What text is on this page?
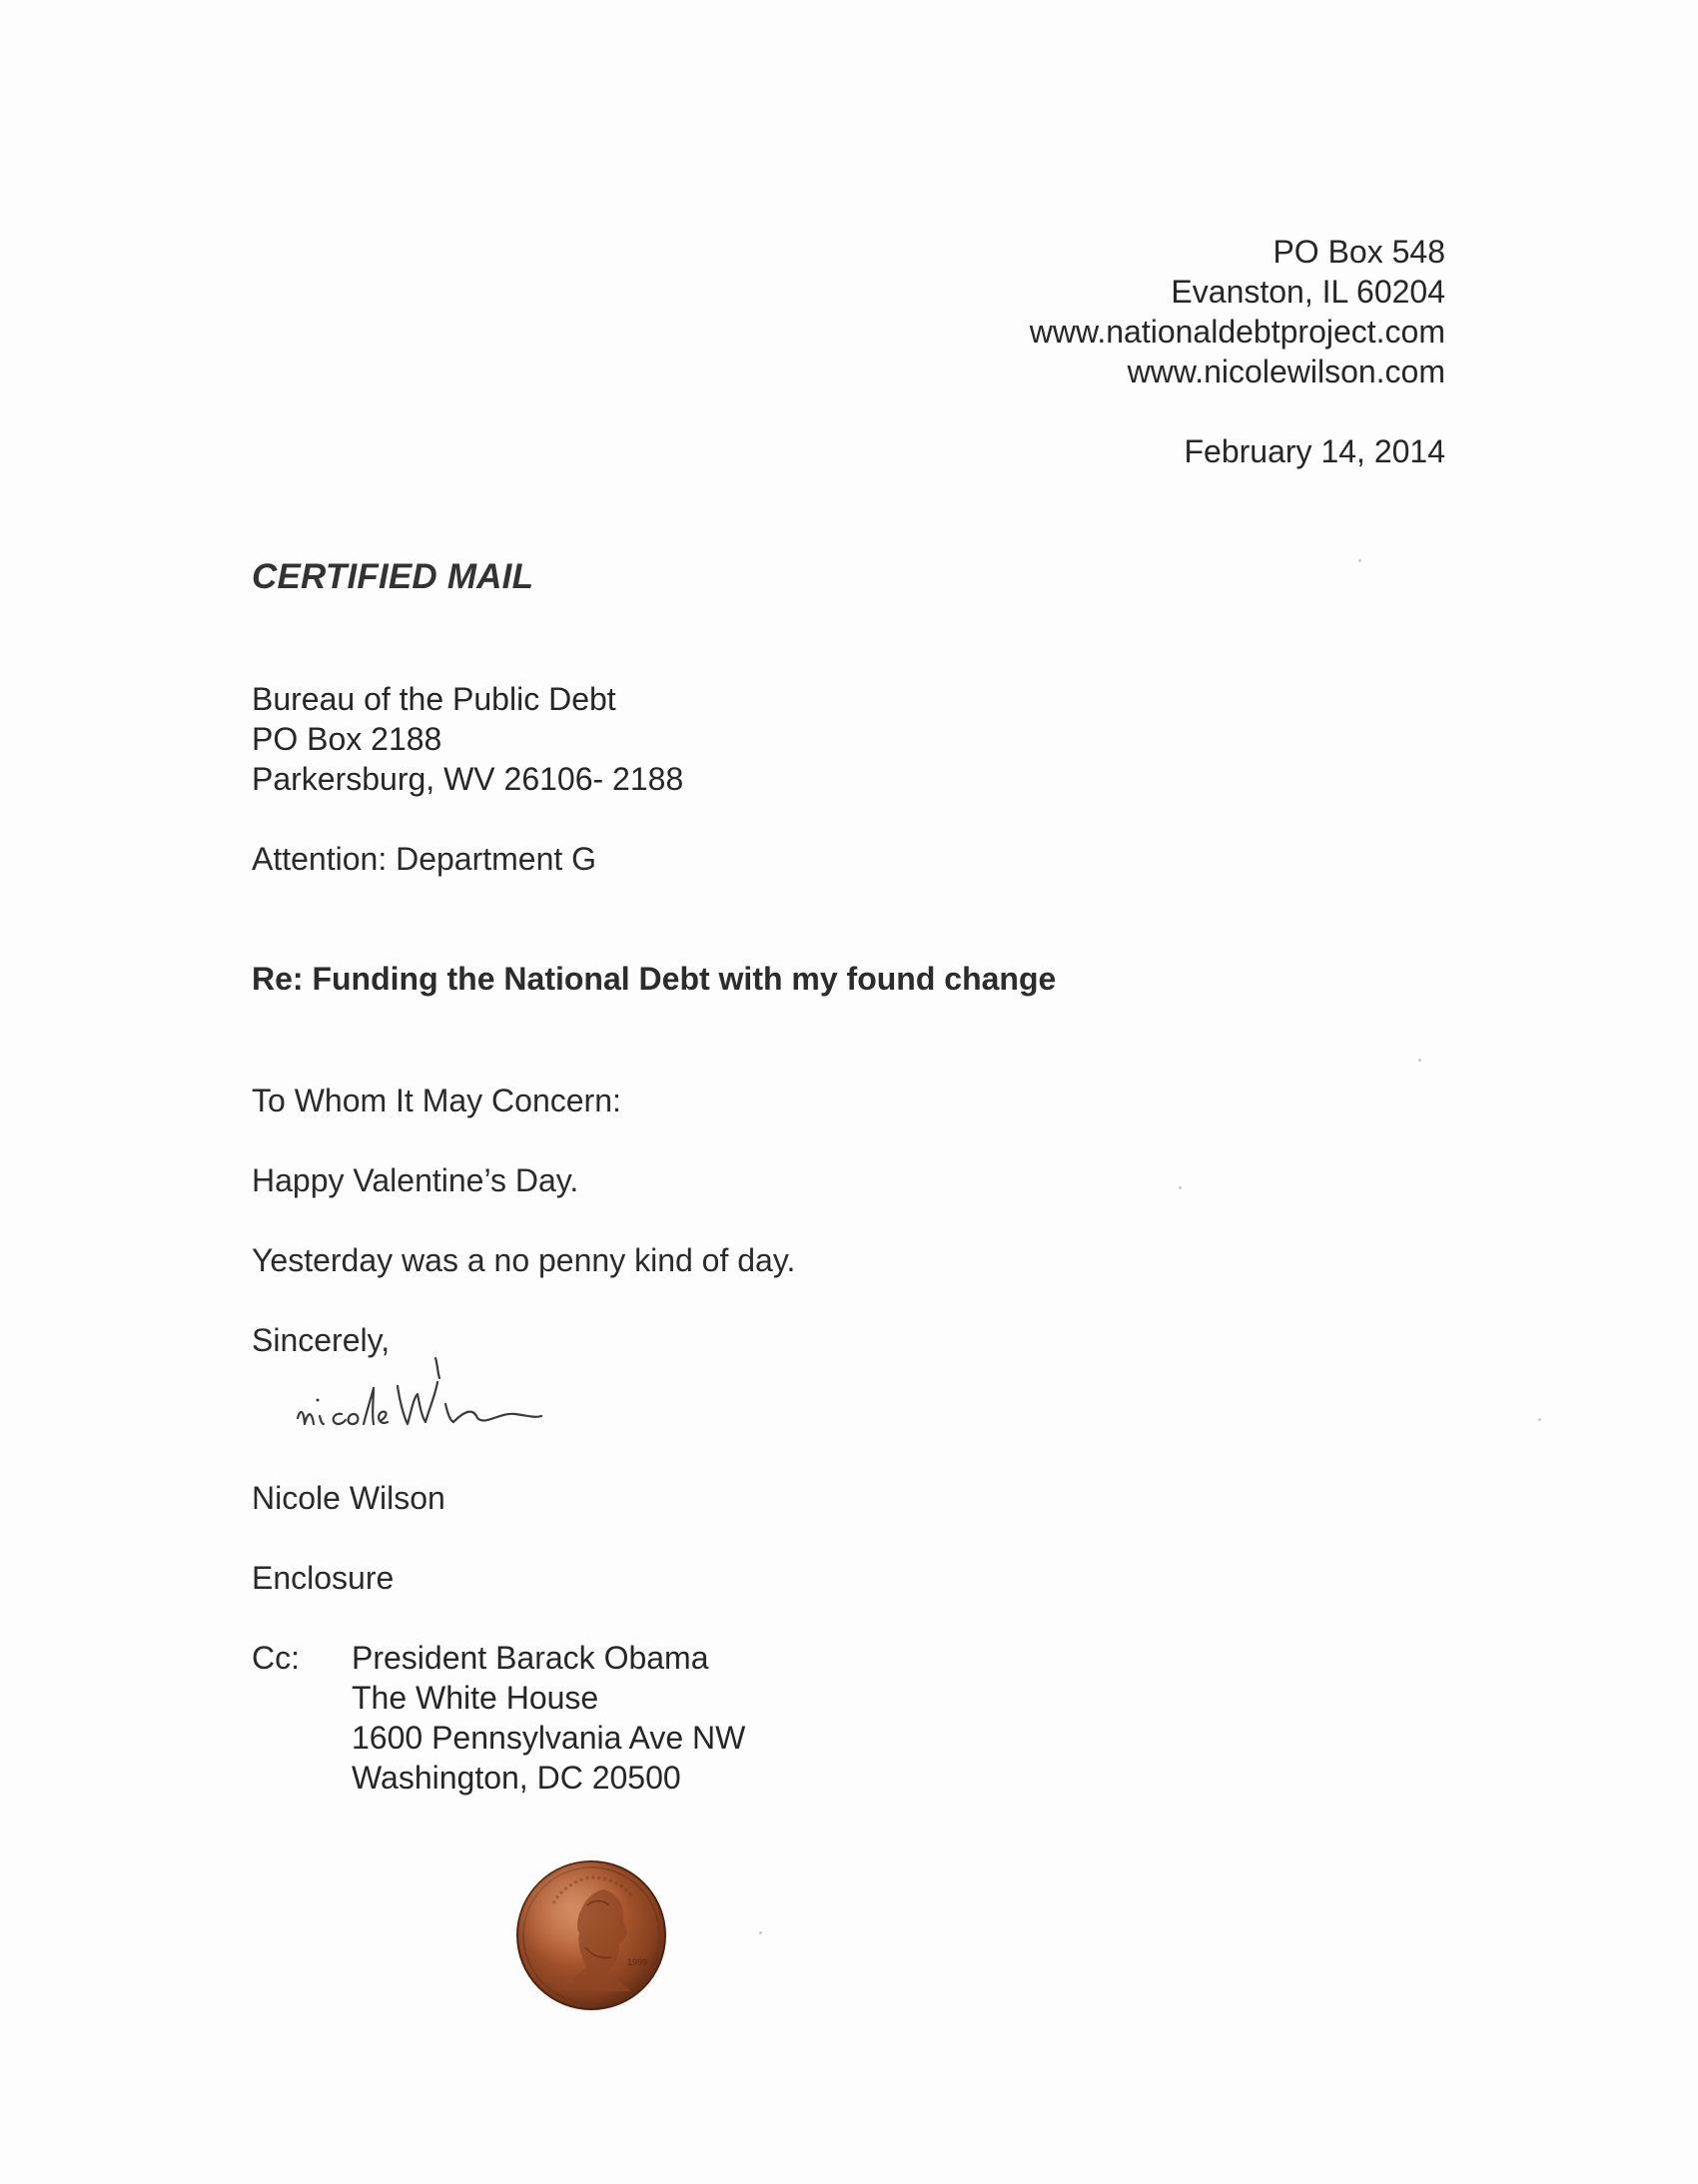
PO Box 548
Evanston, IL 60204
www.nationaldebtproject.com
www.nicolewilson.com
February 14, 2014
CERTIFIED MAIL
Bureau of the Public Debt
PO Box 2188
Parkersburg, WV 26106- 2188
Attention: Department G
Re: Funding the National Debt with my found change
To Whom It May Concern:
Happy Valentine’s Day.
Yesterday was a no penny kind of day.
Sincerely,
Nicole Wilson
Enclosure
Cc: President Barack Obama
The White House
1600 Pennsylvania Ave NW
Washington, DC 20500
1999
